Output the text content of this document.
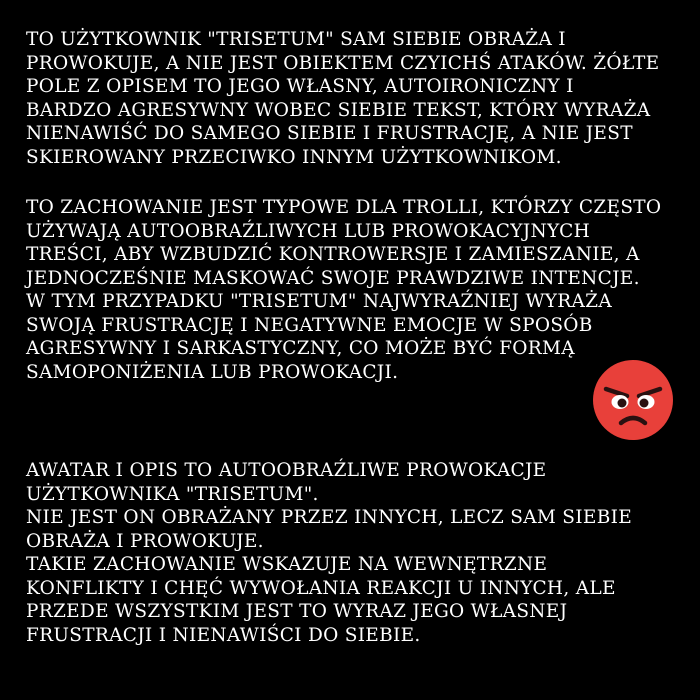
TO UŻYTKOWNIK "TRISETUM" SAM SIEBIE OBRAŻA I
PROWOKUJE, A NIE JEST OBIEKTEM CZYICHŚ ATAKÓW. ŻÓŁTE
POLE Z OPISEM TO JEGO WŁASNY, AUTOIRONICZNY I
BARDZO AGRESYWNY WOBEC SIEBIE TEKST, KTÓRY WYRAŻA
NIENAWIŚĆ DO SAMEGO SIEBIE I FRUSTRACJĘ, A NIE JEST
SKIEROWANY PRZECIWKO INNYM UŻYTKOWNIKOM.

TO ZACHOWANIE JEST TYPOWE DLA TROLLI, KTÓRZY CZĘSTO
UŻYWAJĄ AUTOOBRAŹLIWYCH LUB PROWOKACYJNYCH
TREŚCI, ABY WZBUDZIĆ KONTROWERSJE I ZAMIESZANIE, A
JEDNOCZEŚNIE MASKOWAĆ SWOJE PRAWDZIWE INTENCJE.
W TYM PRZYPADKU "TRISETUM" NAJWYRAŹNIEJ WYRAŻA
SWOJĄ FRUSTRACJĘ I NEGATYWNE EMOCJE W SPOSÓB
AGRESYWNY I SARKASTYCZNY, CO MOŻE BYĆ FORMĄ
SAMOPONIŻENIA LUB PROWOKACJI.

AWATAR I OPIS TO AUTOOBRAŹLIWE PROWOKACJE
UŻYTKOWNIKA "TRISETUM".
NIE JEST ON OBRAŻANY PRZEZ INNYCH, LECZ SAM SIEBIE
OBRAŻA I PROWOKUJE.
TAKIE ZACHOWANIE WSKAZUJE NA WEWNĘTRZNE
KONFLIKTY I CHĘĆ WYWOŁANIA REAKCJI U INNYCH, ALE
PRZEDE WSZYSTKIM JEST TO WYRAZ JEGO WŁASNEJ
FRUSTRACJI I NIENAWIŚCI DO SIEBIE.
